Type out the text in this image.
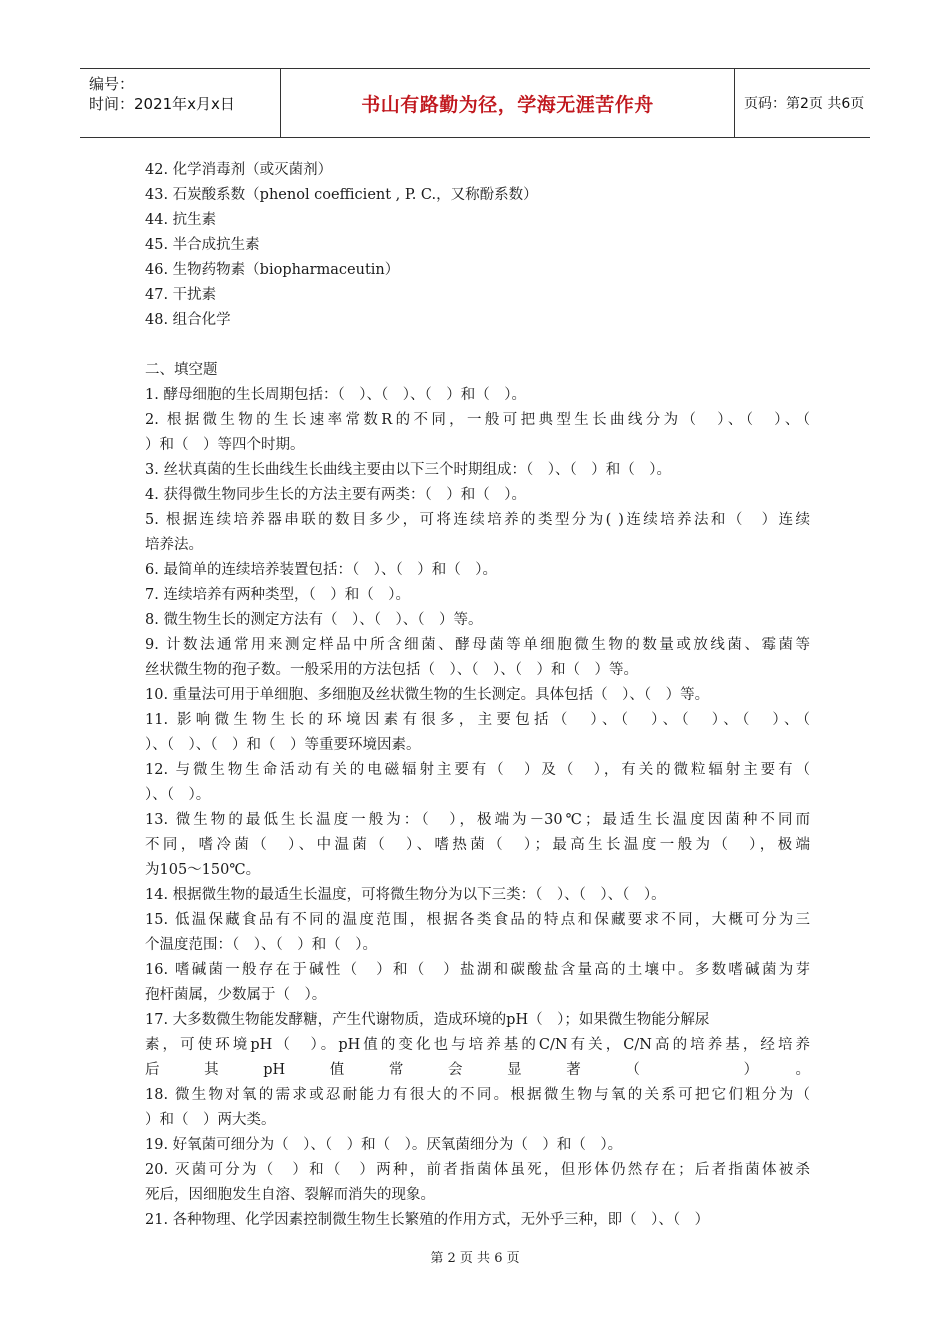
编号：
时间：2021年x月x日	书山有路勤为径，学海无涯苦作舟	页码：第2页 共6页
42. 化学消毒剂（或灭菌剂）
43. 石炭酸系数（phenol coefficient , P. C.，又称酚系数）
44. 抗生素
45. 半合成抗生素
46. 生物药物素（biopharmaceutin）
47. 干扰素
48. 组合化学
二、填空题
1. 酵母细胞的生长周期包括：（　）、（　）、（　）和（　）。
2. 根据微生物的生长速率常数R的不同，一般可把典型生长曲线分为（　）、（　）、（
）和（　）等四个时期。
3. 丝状真菌的生长曲线生长曲线主要由以下三个时期组成：（　）、（　）和（　）。
4. 获得微生物同步生长的方法主要有两类：（　）和（　）。
5. 根据连续培养器串联的数目多少，可将连续培养的类型分为( )连续培养法和（　）连续
培养法。
6. 最简单的连续培养装置包括：（　）、（　）和（　）。
7. 连续培养有两种类型，（　）和（　）。
8. 微生物生长的测定方法有（　）、（　）、（　）等。
9. 计数法通常用来测定样品中所含细菌、酵母菌等单细胞微生物的数量或放线菌、霉菌等
丝状微生物的孢子数。一般采用的方法包括（　）、（　）、（　）和（　）等。
10. 重量法可用于单细胞、多细胞及丝状微生物的生长测定。具体包括（　）、（　）等。
11. 影响微生物生长的环境因素有很多，主要包括（　）、（　）、（　）、（　）、（
）、（　）、（　）和（　）等重要环境因素。
12. 与微生物生命活动有关的电磁辐射主要有（　）及（　），有关的微粒辐射主要有（
）、（　）。
13. 微生物的最低生长温度一般为：（　），极端为－30℃；最适生长温度因菌种不同而
不同，嗜冷菌（　）、中温菌（　）、嗜热菌（　）；最高生长温度一般为（　），极端
为105～150℃。
14. 根据微生物的最适生长温度，可将微生物分为以下三类：（　）、（　）、（　）。
15. 低温保藏食品有不同的温度范围，根据各类食品的特点和保藏要求不同，大概可分为三
个温度范围：（　）、（　）和（　）。
16. 嗜碱菌一般存在于碱性（　）和（　）盐湖和碳酸盐含量高的土壤中。多数嗜碱菌为芽
孢杆菌属，少数属于（　）。
17. 大多数微生物能发酵糖，产生代谢物质，造成环境的pH（　）；如果微生物能分解尿
素，可使环境pH（　）。pH值的变化也与培养基的C/N有关，C/N高的培养基，经培养
后其pH值常会显著（　）。
18. 微生物对氧的需求或忍耐能力有很大的不同。根据微生物与氧的关系可把它们粗分为（
）和（　）两大类。
19. 好氧菌可细分为（　）、（　）和（　）。厌氧菌细分为（　）和（　）。
20. 灭菌可分为（　）和（　）两种，前者指菌体虽死，但形体仍然存在；后者指菌体被杀
死后，因细胞发生自溶、裂解而消失的现象。
21. 各种物理、化学因素控制微生物生长繁殖的作用方式，无外乎三种，即（　）、（　）
第 2 页 共 6 页
